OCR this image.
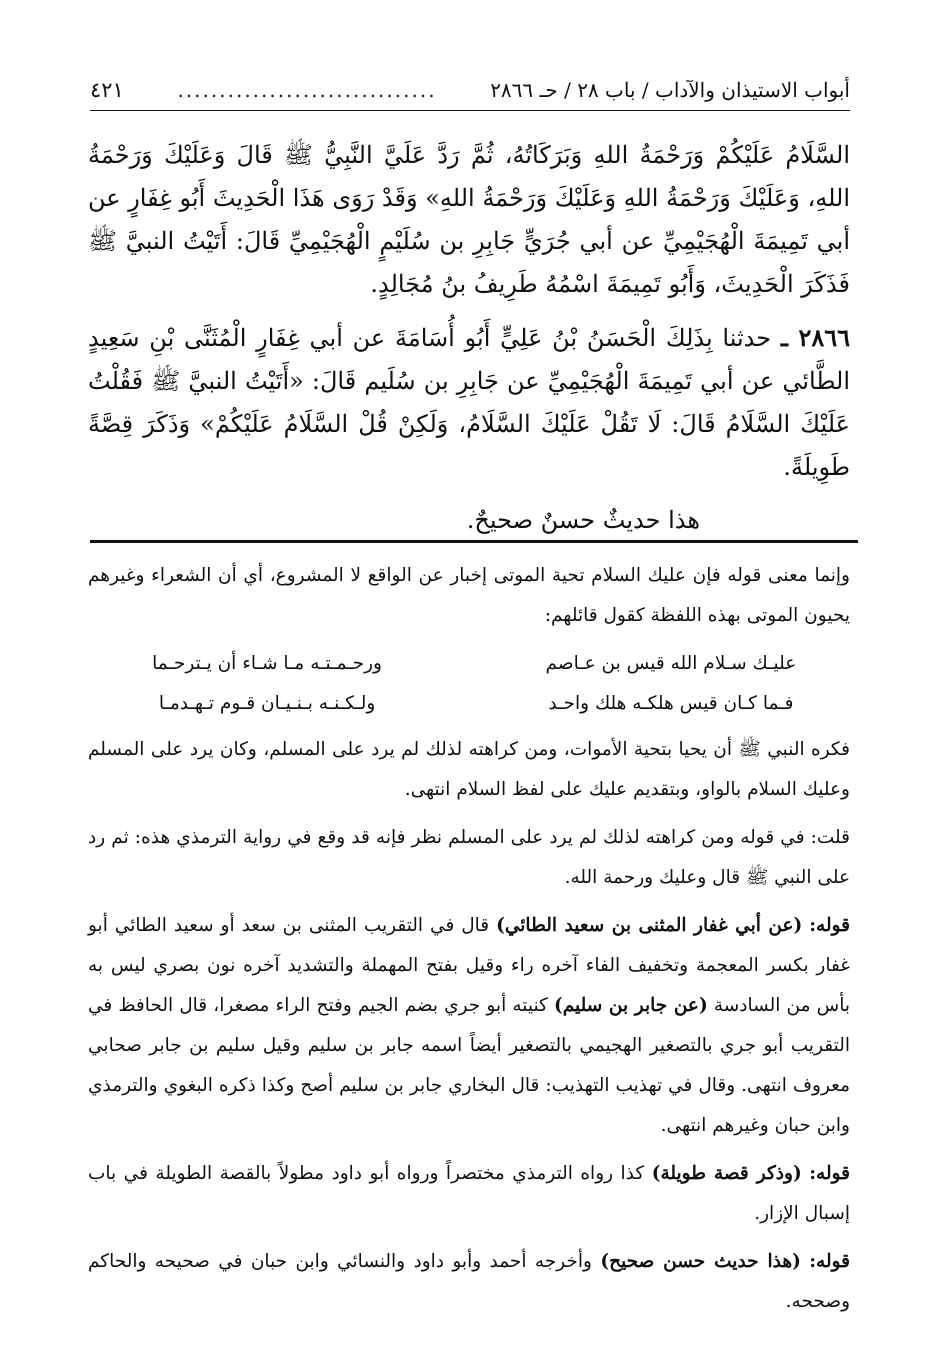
أبواب الاستيذان والآداب / باب ٢٨ / حـ ٢٨٦٦
...............................
٤٢١

السَّلَامُ عَلَيْكُمْ وَرَحْمَةُ اللهِ وَبَرَكَاتُهُ، ثُمَّ رَدَّ عَلَيَّ النَّبِيُّ ﷺ قَالَ وَعَلَيْكَ وَرَحْمَةُ اللهِ، وَعَلَيْكَ وَرَحْمَةُ اللهِ وَعَلَيْكَ وَرَحْمَةُ اللهِ» وَقَدْ رَوَى هَذَا الْحَدِيثَ أَبُو غِفَارٍ عن أبي تَمِيمَةَ الْهُجَيْمِيِّ عن أبي جُرَيٍّ جَابِرِ بن سُلَيْمٍ الْهُجَيْمِيِّ قَالَ: أَتَيْتُ النبيَّ ﷺ فَذَكَرَ الْحَدِيثَ، وَأَبُو تَمِيمَةَ اسْمُهُ طَرِيفُ بنُ مُجَالِدٍ.

٢٨٦٦ ـ حدثنا بِذَلِكَ الْحَسَنُ بْنُ عَلِيٍّ أَبُو أُسَامَةَ عن أبي غِفَارٍ الْمُثَنَّى بْنِ سَعِيدٍ الطَّائي عن أبي تَمِيمَةَ الْهُجَيْمِيِّ عن جَابِرِ بن سُلَيم قَالَ: «أَتَيْتُ النبيَّ ﷺ فَقُلْتُ عَلَيْكَ السَّلَامُ قَالَ: لَا تَقُلْ عَلَيْكَ السَّلَامُ، وَلَكِنْ قُلْ السَّلَامُ عَلَيْكُمْ» وَذَكَرَ قِصَّةً طَوِيلَةً.

هذا حديثٌ حسنٌ صحيحٌ.

وإنما معنى قوله فإن عليك السلام تحية الموتى إخبار عن الواقع لا المشروع، أي أن الشعراء وغيرهم يحيون الموتى بهذه اللفظة كقول قائلهم:

عليـك سـلام الله قيس بن عـاصم
ورحـمـتـه مـا شـاء أن يـترحـما
فـما كـان قيس هلكـه هلك واحـد
ولـكـنـه بـنـيـان قـوم تـهـدمـا

فكره النبي ﷺ أن يحيا بتحية الأموات، ومن كراهته لذلك لم يرد على المسلم، وكان يرد على المسلم وعليك السلام بالواو، وبتقديم عليك على لفظ السلام انتهى.

قلت: في قوله ومن كراهته لذلك لم يرد على المسلم نظر فإنه قد وقع في رواية الترمذي هذه: ثم رد على النبي ﷺ قال وعليك ورحمة الله.

قوله: (عن أبي غفار المثنى بن سعيد الطائي) قال في التقريب المثنى بن سعد أو سعيد الطائي أبو غفار بكسر المعجمة وتخفيف الفاء آخره راء وقيل بفتح المهملة والتشديد آخره نون بصري ليس به بأس من السادسة (عن جابر بن سليم) كنيته أبو جري بضم الجيم وفتح الراء مصغرا، قال الحافظ في التقريب أبو جري بالتصغير الهجيمي بالتصغير أيضاً اسمه جابر بن سليم وقيل سليم بن جابر صحابي معروف انتهى. وقال في تهذيب التهذيب: قال البخاري جابر بن سليم أصح وكذا ذكره البغوي والترمذي وابن حبان وغيرهم انتهى.

قوله: (وذكر قصة طويلة) كذا رواه الترمذي مختصراً ورواه أبو داود مطولاً بالقصة الطويلة في باب إسبال الإزار.

قوله: (هذا حديث حسن صحيح) وأخرجه أحمد وأبو داود والنسائي وابن حبان في صحيحه والحاكم وصححه.
